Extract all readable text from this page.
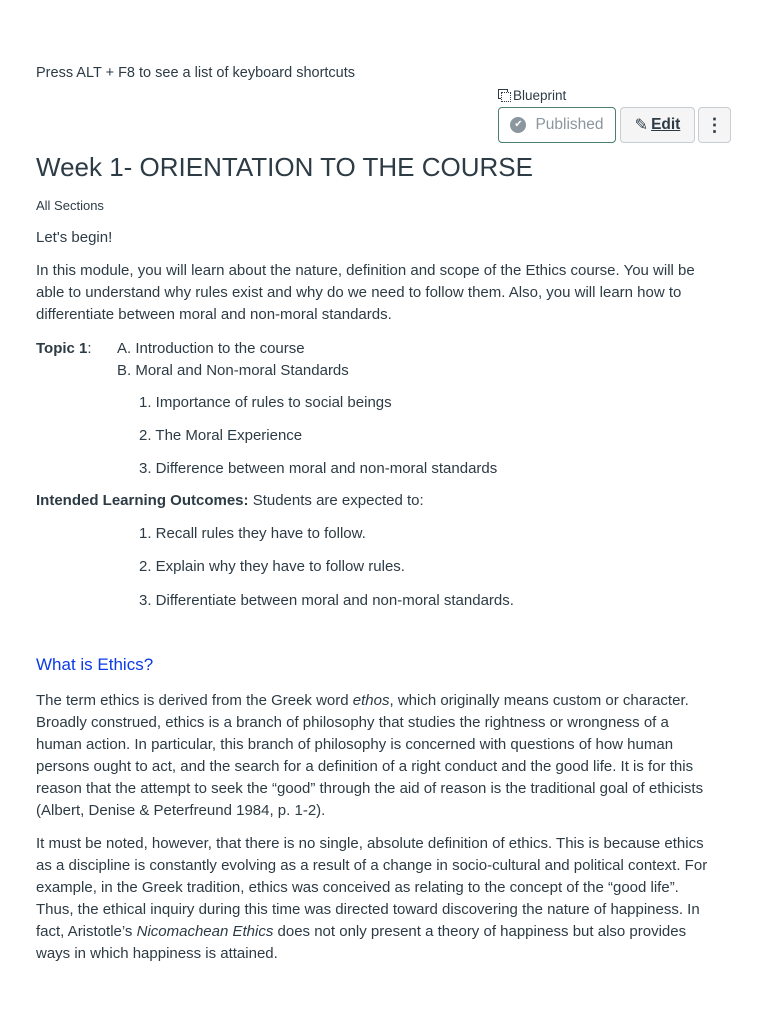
Press ALT + F8 to see a list of keyboard shortcuts
Blueprint
✔ Published ✎ Edit ⋮
Week 1- ORIENTATION TO THE COURSE
All Sections
Let's begin!
In this module, you will learn about the nature, definition and scope of the Ethics course. You will be
able to understand why rules exist and why do we need to follow them. Also, you will learn how to
differentiate between moral and non-moral standards.
Topic 1: A. Introduction to the course
B. Moral and Non-moral Standards
1. Importance of rules to social beings
2. The Moral Experience
3. Difference between moral and non-moral standards
Intended Learning Outcomes: Students are expected to:
1. Recall rules they have to follow.
2. Explain why they have to follow rules.
3. Differentiate between moral and non-moral standards.
What is Ethics?
The term ethics is derived from the Greek word ethos, which originally means custom or character.
Broadly construed, ethics is a branch of philosophy that studies the rightness or wrongness of a
human action. In particular, this branch of philosophy is concerned with questions of how human
persons ought to act, and the search for a definition of a right conduct and the good life. It is for this
reason that the attempt to seek the “good” through the aid of reason is the traditional goal of ethicists
(Albert, Denise & Peterfreund 1984, p. 1-2).
It must be noted, however, that there is no single, absolute definition of ethics. This is because ethics
as a discipline is constantly evolving as a result of a change in socio-cultural and political context. For
example, in the Greek tradition, ethics was conceived as relating to the concept of the “good life”.
Thus, the ethical inquiry during this time was directed toward discovering the nature of happiness. In
fact, Aristotle’s Nicomachean Ethics does not only present a theory of happiness but also provides
ways in which happiness is attained.
